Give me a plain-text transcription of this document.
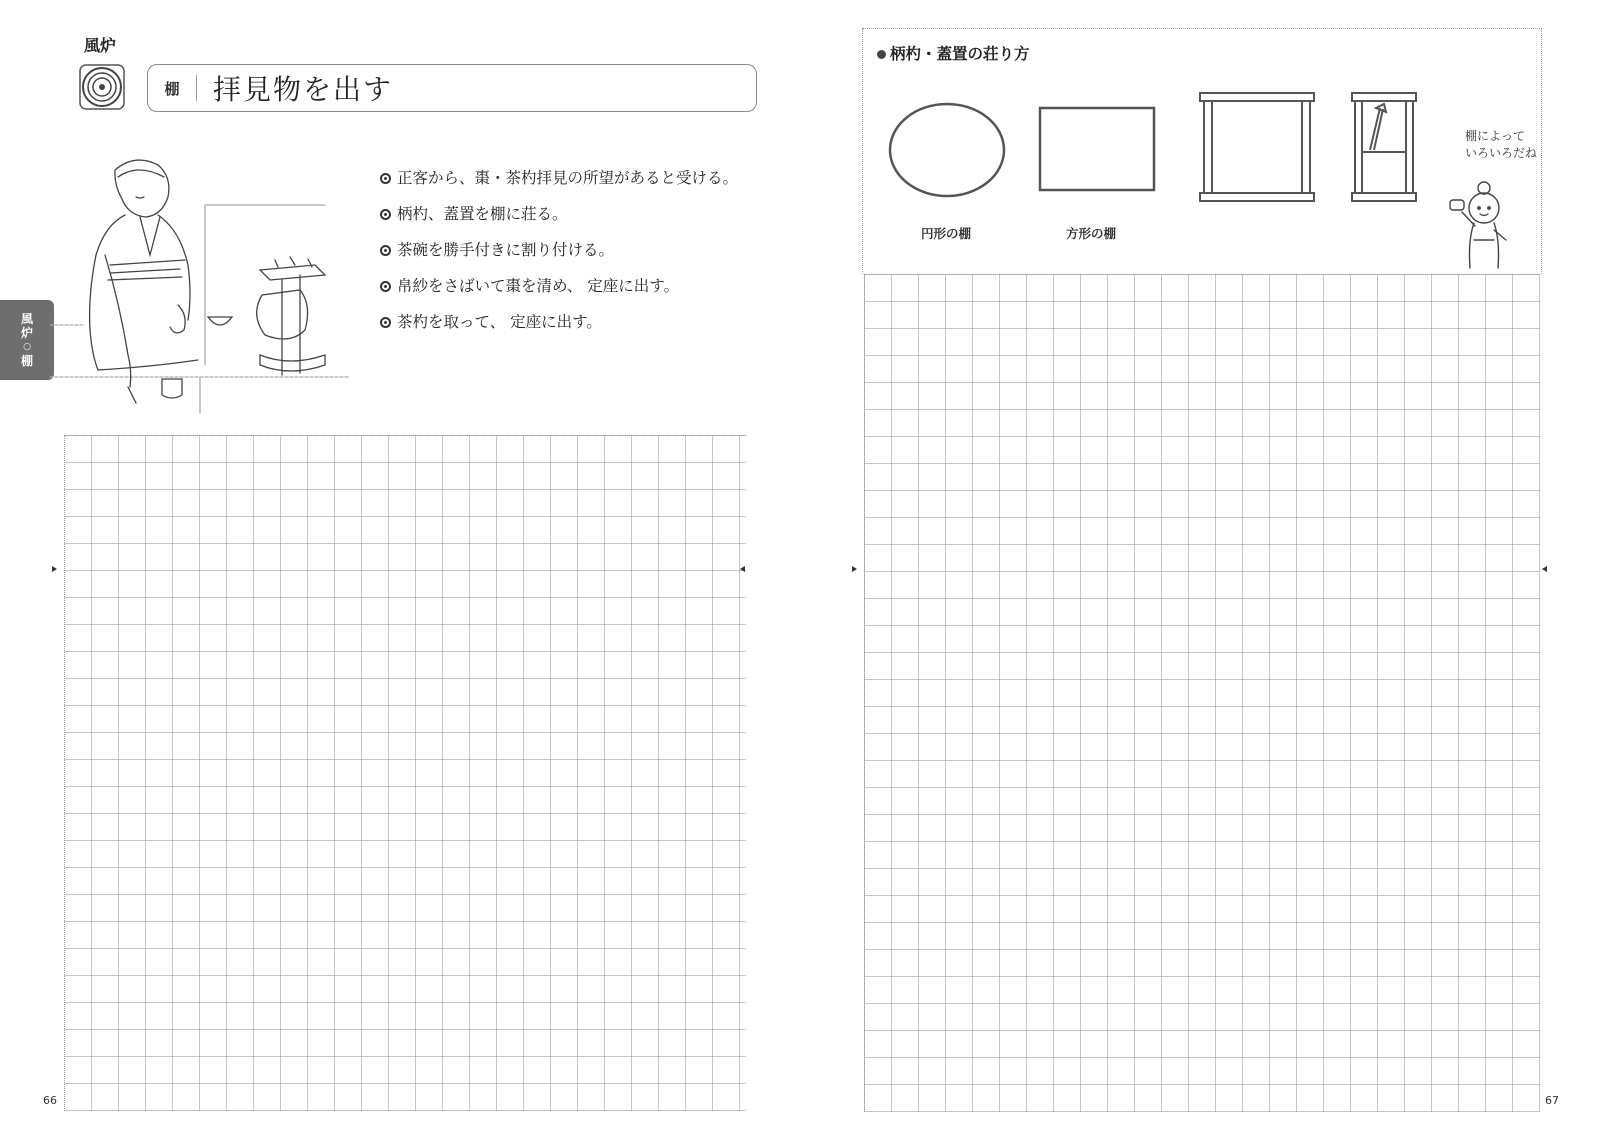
風炉
棚	拝見物を出す
正客から、棗・茶杓拝見の所望があると受ける。
柄杓、蓋置を棚に荘る。
茶碗を勝手付きに割り付ける。
帛紗をさばいて棗を清め、 定座に出す。
茶杓を取って、 定座に出す。
風
炉
○
棚
66
柄杓・蓋置の荘り方
円形の棚	方形の棚
棚によって
いろいろだね
67
